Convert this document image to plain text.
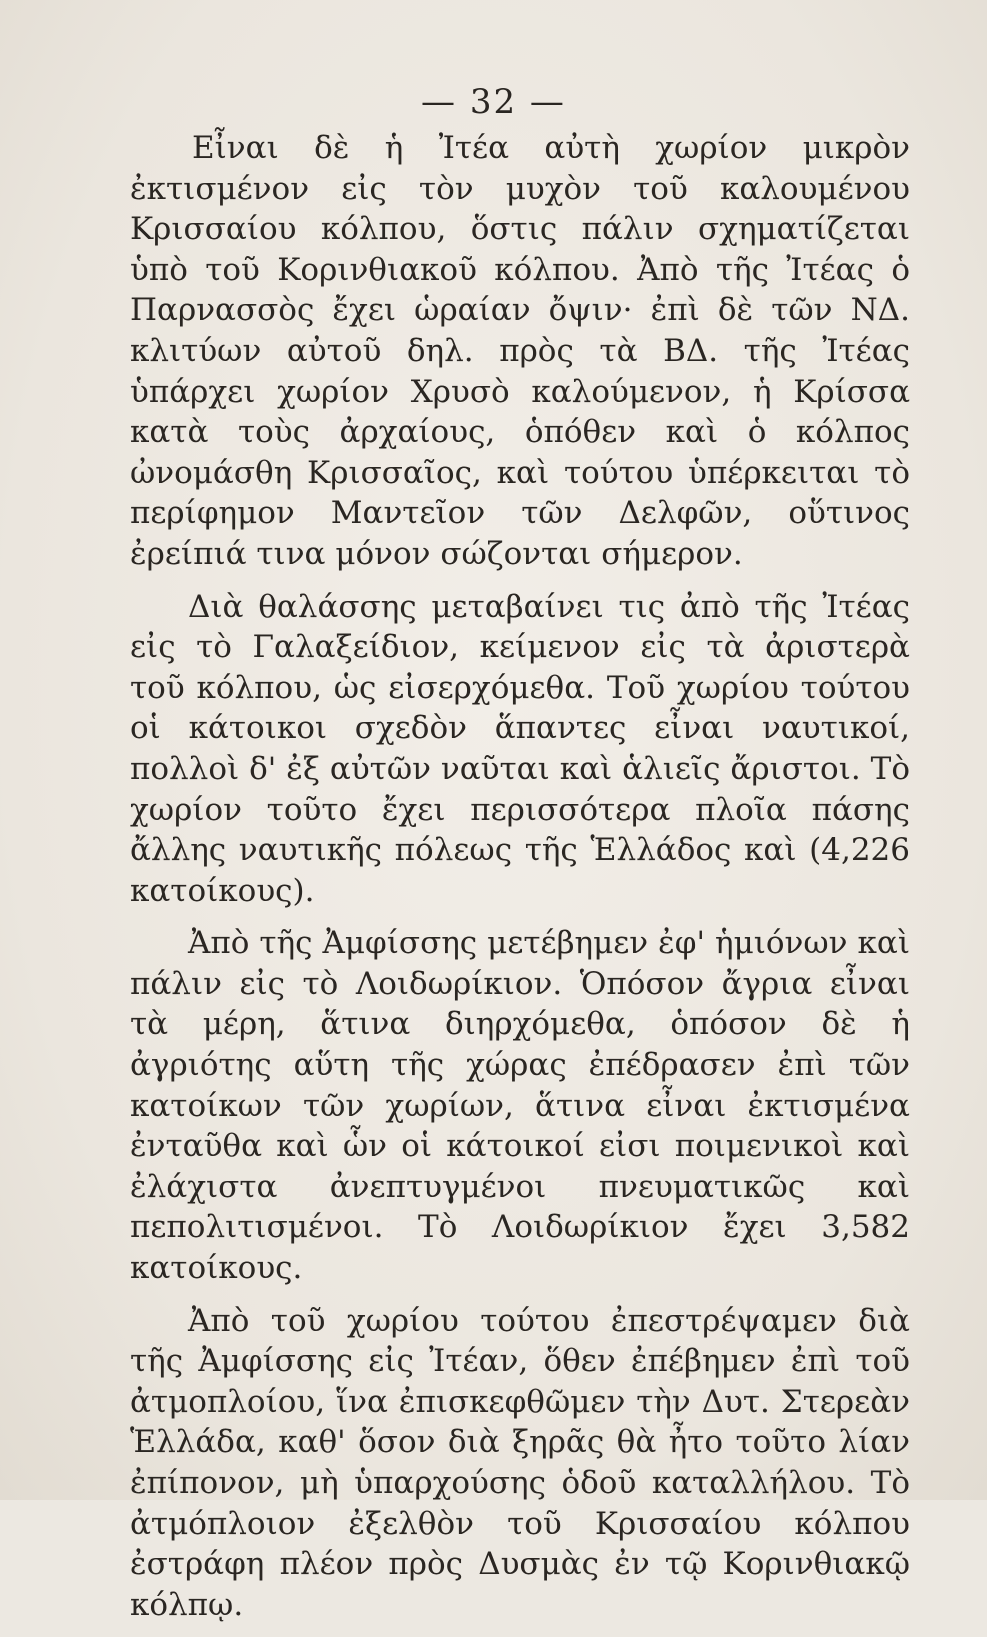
— 32 —

Εἶναι δὲ ἡ Ἰτέα αὐτὴ χωρίον μικρὸν ἐκτισμένον εἰς τὸν μυχὸν τοῦ καλουμένου Κρισσαίου κόλπου, ὅστις πάλιν σχηματίζεται ὑπὸ τοῦ Κορινθιακοῦ κόλπου. Ἀπὸ τῆς Ἰτέας ὁ Παρνασσὸς ἔχει ὡραίαν ὄψιν· ἐπὶ δὲ τῶν ΝΔ. κλιτύων αὐτοῦ δηλ. πρὸς τὰ ΒΔ. τῆς Ἰτέας ὑπάρχει χωρίον Χρυσὸ καλούμενον, ἡ Κρίσσα κατὰ τοὺς ἀρχαίους, ὁπόθεν καὶ ὁ κόλπος ὠνομάσθη Κρισσαῖος, καὶ τούτου ὑπέρκειται τὸ περίφημον Μαντεῖον τῶν Δελφῶν, οὕτινος ἐρείπιά τινα μόνον σώζονται σήμερον.

Διὰ θαλάσσης μεταβαίνει τις ἀπὸ τῆς Ἰτέας εἰς τὸ Γαλαξείδιον, κείμενον εἰς τὰ ἀριστερὰ τοῦ κόλπου, ὡς εἰσερχόμεθα. Τοῦ χωρίου τούτου οἱ κάτοικοι σχεδὸν ἅπαντες εἶναι ναυτικοί, πολλοὶ δ' ἐξ αὐτῶν ναῦται καὶ ἁλιεῖς ἄριστοι. Τὸ χωρίον τοῦτο ἔχει περισσότερα πλοῖα πάσης ἄλλης ναυτικῆς πόλεως τῆς Ἑλλάδος καὶ (4,226 κατοίκους).

Ἀπὸ τῆς Ἀμφίσσης μετέβημεν ἐφ' ἡμιόνων καὶ πάλιν εἰς τὸ Λοιδωρίκιον. Ὁπόσον ἄγρια εἶναι τὰ μέρη, ἅτινα διηρχόμεθα, ὁπόσον δὲ ἡ ἀγριότης αὕτη τῆς χώρας ἐπέδρασεν ἐπὶ τῶν κατοίκων τῶν χωρίων, ἅτινα εἶναι ἐκτισμένα ἐνταῦθα καὶ ὧν οἱ κάτοικοί εἰσι ποιμενικοὶ καὶ ἐλάχιστα ἀνεπτυγμένοι πνευματικῶς καὶ πεπολιτισμένοι. Τὸ Λοιδωρίκιον ἔχει 3,582 κατοίκους.

Ἀπὸ τοῦ χωρίου τούτου ἐπεστρέψαμεν διὰ τῆς Ἀμφίσσης εἰς Ἰτέαν, ὅθεν ἐπέβημεν ἐπὶ τοῦ ἀτμοπλοίου, ἵνα ἐπισκεφθῶμεν τὴν Δυτ. Στερεὰν Ἑλλάδα, καθ' ὅσον διὰ ξηρᾶς θὰ ἦτο τοῦτο λίαν ἐπίπονον, μὴ ὑπαρχούσης ὁδοῦ καταλλήλου. Τὸ ἀτμόπλοιον ἐξελθὸν τοῦ Κρισσαίου κόλπου ἐστράφη πλέον πρὸς Δυσμὰς ἐν τῷ Κορινθιακῷ κόλπῳ.
